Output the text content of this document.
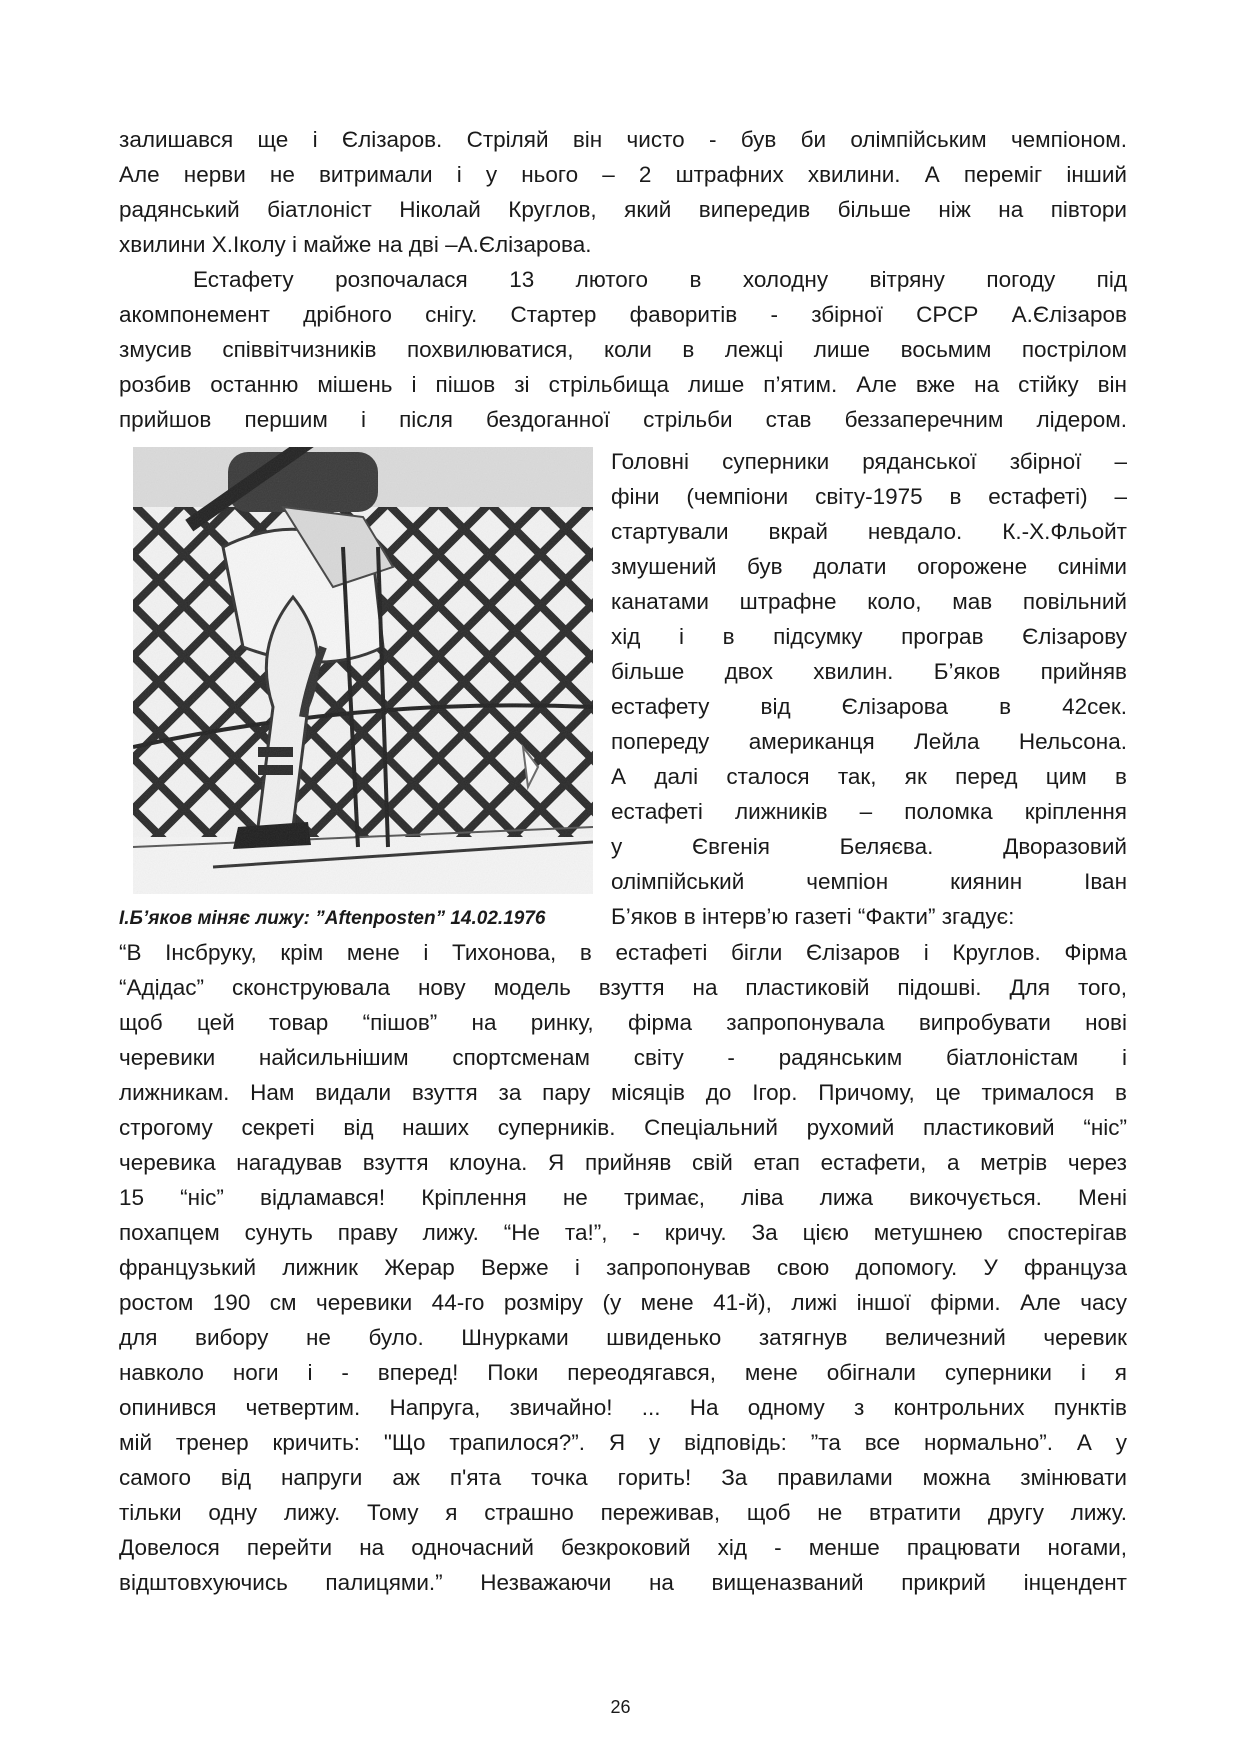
залишався ще і Єлізаров. Стріляй він чисто - був би олімпійським чемпіоном.
Але нерви не витримали і у нього – 2 штрафних хвилини. А переміг інший
радянський біатлоніст Ніколай Круглов, який випередив більше ніж на півтори
хвилини Х.Іколу і майже на дві –А.Єлізарова.
Естафету розпочалася 13 лютого в холодну вітряну погоду під
акомпонемент дрібного снігу. Стартер фаворитів - збірної СРСР А.Єлізаров
змусив співвітчизників похвилюватися, коли в лежці лише восьмим пострілом
розбив останню мішень і пішов зі стрільбища лише п’ятим. Але вже на стійку він
прийшов першим і після бездоганної стрільби став беззаперечним лідером.
Головні суперники ряданської збірної –
фіни (чемпіони світу-1975 в естафеті) –
стартували вкрай невдало. К.-Х.Фльойт
змушений був долати огорожене синіми
канатами штрафне коло, мав повільний
хід і в підсумку програв Єлізарову
більше двох хвилин. Б’яков прийняв
естафету від Єлізарова в 42сек.
попереду американця Лейла Нельсона.
А далі сталося так, як перед цим в
естафеті лижників – поломка кріплення
у Євгенія Беляєва. Дворазовий
олімпійський чемпіон киянин Іван
Б’яков в інтерв’ю газеті “Факти” згадує:
І.Б’яков міняє лижу: ”Aftenposten” 14.02.1976
“В Інсбруку, крім мене і Тихонова, в естафеті бігли Єлізаров і Круглов. Фірма
“Адідас” сконструювала нову модель взуття на пластиковій підошві. Для того,
щоб цей товар “пішов” на ринку, фірма запропонувала випробувати нові
черевики найсильнішим спортсменам світу - радянським біатлоністам і
лижникам. Нам видали взуття за пару місяців до Ігор. Причому, це трималося в
строгому секреті від наших суперників. Спеціальний рухомий пластиковий “ніс”
черевика нагадував взуття клоуна. Я прийняв свій етап естафети, а метрів через
15 “ніс” відламався! Кріплення не тримає, ліва лижа викочується. Мені
похапцем сунуть праву лижу. “Не та!”, - кричу. За цією метушнею спостерігав
французький лижник Жерар Верже і запропонував свою допомогу. У француза
ростом 190 см черевики 44-го розміру (у мене 41-й), лижі іншої фірми. Але часу
для вибору не було. Шнурками швиденько затягнув величезний черевик
навколо ноги і - вперед! Поки переодягався, мене обігнали суперники і я
опинився четвертим. Напруга, звичайно! ... На одному з контрольних пунктів
мій тренер кричить: "Що трапилося?”. Я у відповідь: ”та все нормально”. А у
самого від напруги аж п'ята точка горить! За правилами можна змінювати
тільки одну лижу. Тому я страшно переживав, щоб не втратити другу лижу.
Довелося перейти на одночасний безкроковий хід - менше працювати ногами,
відштовхуючись палицями.” Незважаючи на вищеназваний прикрий інцендент
26
